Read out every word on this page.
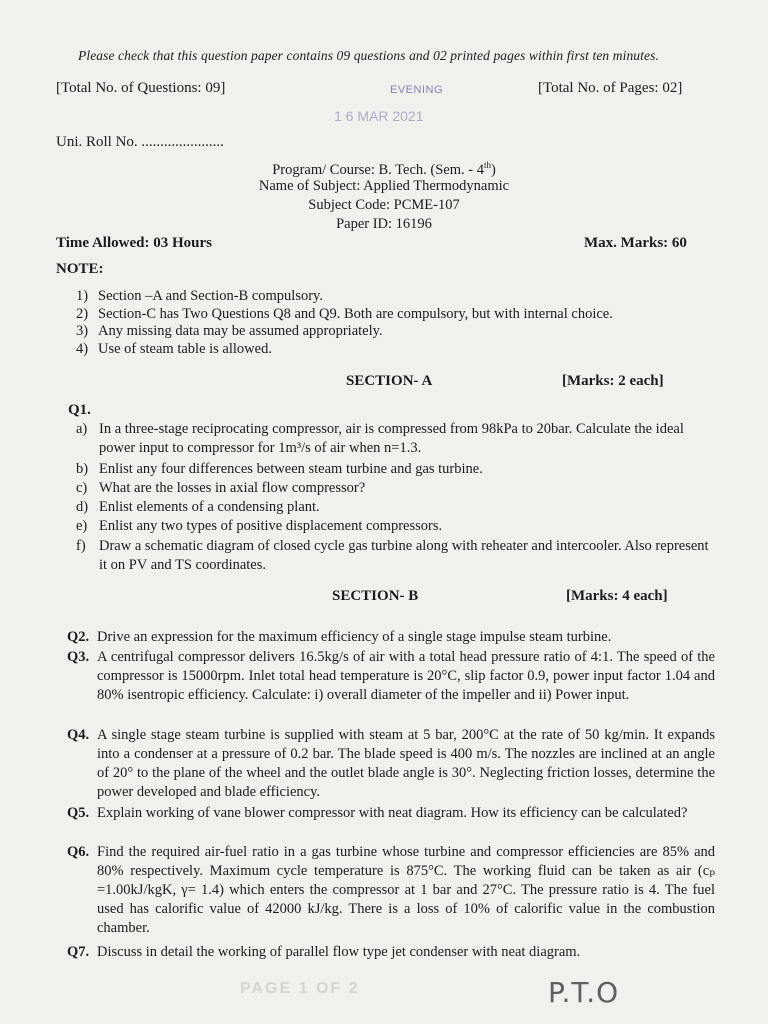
Please check that this question paper contains 09 questions and 02 printed pages within first ten minutes.
[Total No. of Questions: 09]	[Total No. of Pages: 02]
EVENING
1 6 MAR 2021
Uni. Roll No. ......................
Program/ Course: B. Tech. (Sem. - 4th)
Name of Subject: Applied Thermodynamic
Subject Code: PCME-107
Paper ID: 16196
Time Allowed: 03 Hours	Max. Marks: 60
NOTE:
1) Section –A and Section-B compulsory.
2) Section-C has Two Questions Q8 and Q9. Both are compulsory, but with internal choice.
3) Any missing data may be assumed appropriately.
4) Use of steam table is allowed.
SECTION- A	[Marks: 2 each]
Q1.
a) In a three-stage reciprocating compressor, air is compressed from 98kPa to 20bar. Calculate the ideal power input to compressor for 1m³/s of air when n=1.3.
b) Enlist any four differences between steam turbine and gas turbine.
c) What are the losses in axial flow compressor?
d) Enlist elements of a condensing plant.
e) Enlist any two types of positive displacement compressors.
f) Draw a schematic diagram of closed cycle gas turbine along with reheater and intercooler. Also represent it on PV and TS coordinates.
SECTION- B	[Marks: 4 each]
Q2. Drive an expression for the maximum efficiency of a single stage impulse steam turbine.
Q3. A centrifugal compressor delivers 16.5kg/s of air with a total head pressure ratio of 4:1. The speed of the compressor is 15000rpm. Inlet total head temperature is 20°C, slip factor 0.9, power input factor 1.04 and 80% isentropic efficiency. Calculate: i) overall diameter of the impeller and ii) Power input.
Q4. A single stage steam turbine is supplied with steam at 5 bar, 200°C at the rate of 50 kg/min. It expands into a condenser at a pressure of 0.2 bar. The blade speed is 400 m/s. The nozzles are inclined at an angle of 20° to the plane of the wheel and the outlet blade angle is 30°. Neglecting friction losses, determine the power developed and blade efficiency.
Q5. Explain working of vane blower compressor with neat diagram. How its efficiency can be calculated?
Q6. Find the required air-fuel ratio in a gas turbine whose turbine and compressor efficiencies are 85% and 80% respectively. Maximum cycle temperature is 875°C. The working fluid can be taken as air (cₚ =1.00kJ/kgK, γ= 1.4) which enters the compressor at 1 bar and 27°C. The pressure ratio is 4. The fuel used has calorific value of 42000 kJ/kg. There is a loss of 10% of calorific value in the combustion chamber.
Q7. Discuss in detail the working of parallel flow type jet condenser with neat diagram.
PAGE 1 OF 2	P.T.O
